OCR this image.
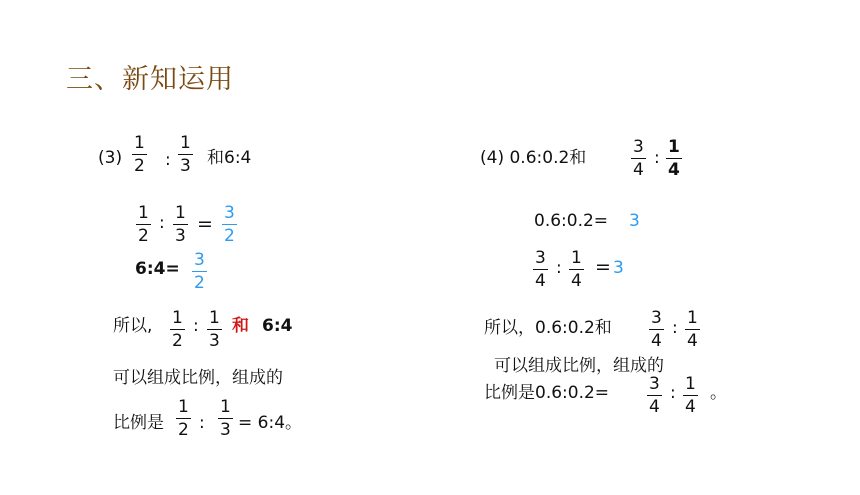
三、新知运用
$(3) \frac{1}{2}$ : $\frac{1}{3}$ 和6:4
$\frac{1}{2}$ : $\frac{1}{3} = \frac{3}{2}$
6:4= $\frac{3}{2}$
所以, $\frac{1}{2}$ : $\frac{1}{3}$ 和 6:4
可以组成比例，组成的
比例是 $\frac{1}{2}$ : $\frac{1}{3}$ = 6:4。
(4) 0.6:0.2和	$\frac{3}{4}$ : $\frac{1}{4}$
0.6:0.2= 3
$\frac{3}{4}$ : $\frac{1}{4} = 3$
所以，0.6:0.2和 $\frac{3}{4}$ : $\frac{1}{4}$
可以组成比例，组成的
比例是0.6:0.2= $\frac{3}{4}$ : $\frac{1}{4}$ 。
